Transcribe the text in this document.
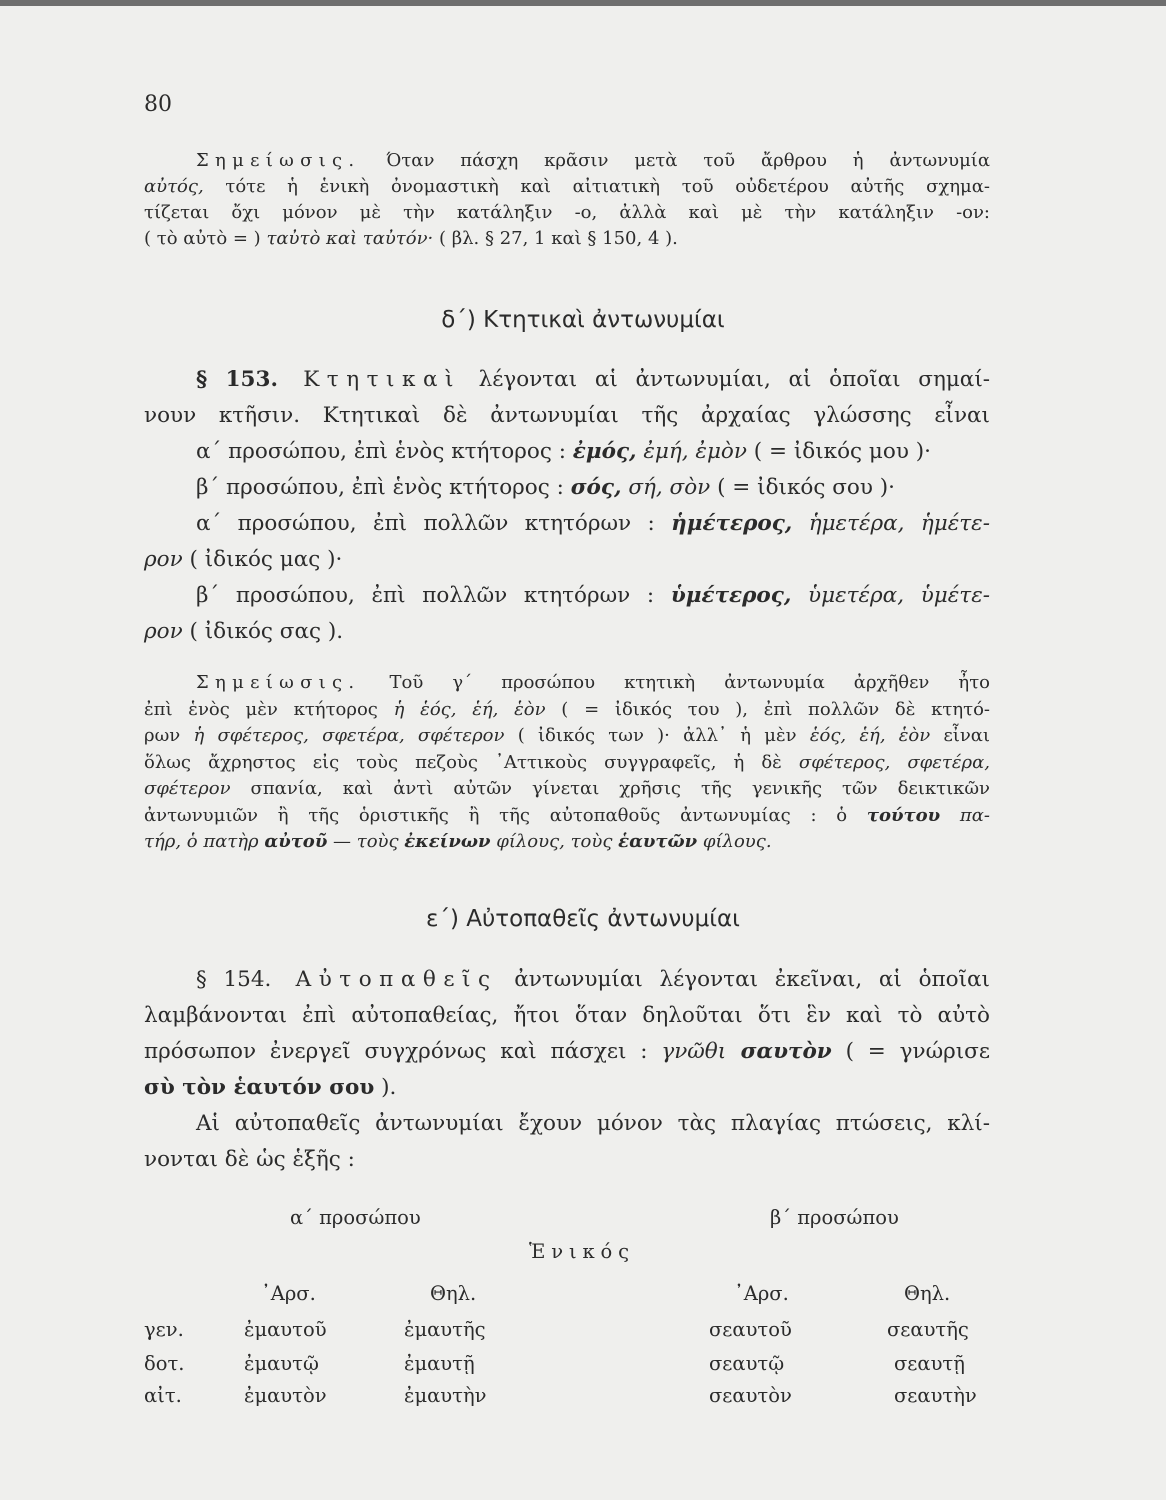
80
Σημείωσις. Όταν πάσχη κρᾶσιν μετὰ τοῦ ἄρθρου ἡ ἀντωνυμία
αὐτός, τότε ἡ ἑνικὴ ὀνομαστικὴ καὶ αἰτιατικὴ τοῦ οὐδετέρου αὐτῆς σχημα-
τίζεται ὄχι μόνον μὲ τὴν κατάληξιν -ο, ἀλλὰ καὶ μὲ τὴν κατάληξιν -ον:
( τὸ αὐτὸ = ) ταὐτὸ καὶ ταὐτόν· ( βλ. § 27, 1 καὶ § 150, 4 ).
δ΄) Κτητικαὶ ἀντωνυμίαι
§ 153. Κτητικαὶ λέγονται αἱ ἀντωνυμίαι, αἱ ὁποῖαι σημαί-
νουν κτῆσιν. Κτητικαὶ δὲ ἀντωνυμίαι τῆς ἀρχαίας γλώσσης εἶναι
α΄ προσώπου, ἐπὶ ἑνὸς κτήτορος : ἐμός, ἐμή, ἐμὸν ( = ἰδικός μου )·
β΄ προσώπου, ἐπὶ ἑνὸς κτήτορος : σός, σή, σὸν ( = ἰδικός σου )·
α΄ προσώπου, ἐπὶ πολλῶν κτητόρων : ἡμέτερος, ἡμετέρα, ἡμέτε-
ρον ( ἰδικός μας )·
β΄ προσώπου, ἐπὶ πολλῶν κτητόρων : ὑμέτερος, ὑμετέρα, ὑμέτε-
ρον ( ἰδικός σας ).
Σημείωσις. Τοῦ γ΄ προσώπου κτητικὴ ἀντωνυμία ἀρχῆθεν ἦτο
ἐπὶ ἑνὸς μὲν κτήτορος ἡ ἑός, ἑή, ἑὸν ( = ἰδικός του ), ἐπὶ πολλῶν δὲ κτητό-
ρων ἡ σφέτερος, σφετέρα, σφέτερον ( ἰδικός των )· ἀλλ᾽ ἡ μὲν ἑός, ἑή, ἑὸν εἶναι
ὅλως ἄχρηστος εἰς τοὺς πεζοὺς ᾿Αττικοὺς συγγραφεῖς, ἡ δὲ σφέτερος, σφετέρα,
σφέτερον σπανία, καὶ ἀντὶ αὐτῶν γίνεται χρῆσις τῆς γενικῆς τῶν δεικτικῶν
ἀντωνυμιῶν ἢ τῆς ὁριστικῆς ἢ τῆς αὐτοπαθοῦς ἀντωνυμίας : ὁ τούτου πα-
τήρ, ὁ πατὴρ αὐτοῦ — τοὺς ἐκείνων φίλους, τοὺς ἑαυτῶν φίλους.
ε΄) Αὐτοπαθεῖς ἀντωνυμίαι
§ 154. Αὐτοπαθεῖς ἀντωνυμίαι λέγονται ἐκεῖναι, αἱ ὁποῖαι
λαμβάνονται ἐπὶ αὐτοπαθείας, ἤτοι ὅταν δηλοῦται ὅτι ἓν καὶ τὸ αὐτὸ
πρόσωπον ἐνεργεῖ συγχρόνως καὶ πάσχει : γνῶθι σαυτὸν ( = γνώρισε
σὺ τὸν ἑαυτόν σου ).
Αἱ αὐτοπαθεῖς ἀντωνυμίαι ἔχουν μόνον τὰς πλαγίας πτώσεις, κλί-
νονται δὲ ὡς ἑξῆς :
α΄ προσώπου	β΄ προσώπου
Ἑνικός
᾿Αρσ.	Θηλ.	᾿Αρσ.	Θηλ.
γεν.	ἐμαυτοῦ	ἐμαυτῆς	σεαυτοῦ	σεαυτῆς
δοτ.	ἐμαυτῷ	ἐμαυτῇ	σεαυτῷ	σεαυτῇ
αἰτ.	ἐμαυτὸν	ἐμαυτὴν	σεαυτὸν	σεαυτὴν
